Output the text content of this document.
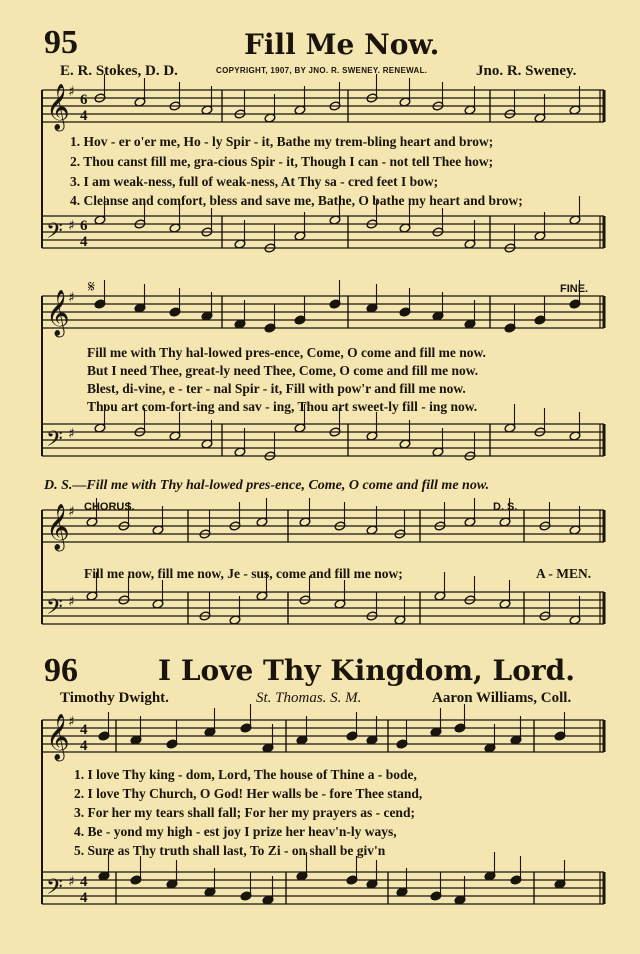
𝄞
♯
𝄢 ♯
𝄞
♯
𝄢 ♯
𝄞
♯
𝄢 ♯
𝄞
♯
𝄢 ♯
6
4
6
4
4
4
4
4
𝄋
95	Fill Me Now.
E. R. Stokes, D. D.	COPYRIGHT, 1907, BY JNO. R. SWENEY. RENEWAL.	Jno. R. Sweney.
1. Hov - er o'er me, Ho - ly Spir - it, Bathe my trem-bling heart and brow;
2. Thou canst fill me, gra-cious Spir - it, Though I can - not tell Thee how;
3. I am weak-ness, full of weak-ness, At Thy sa - cred feet I bow;
4. Cleanse and comfort, bless and save me, Bathe, O bathe my heart and brow;
FINE.
Fill me with Thy hal-lowed pres-ence, Come, O come and fill me now.
But I need Thee, great-ly need Thee, Come, O come and fill me now.
Blest, di-vine, e - ter - nal Spir - it, Fill with pow'r and fill me now.
Thou art com-fort-ing and sav - ing, Thou art sweet-ly fill - ing now.
D. S.—Fill me with Thy hal-lowed pres-ence, Come, O come and fill me now.
CHORUS.	D. S.
Fill me now, fill me now, Je - sus, come and fill me now;	A - MEN.
96	I Love Thy Kingdom, Lord.
Timothy Dwight.	St. Thomas. S. M.	Aaron Williams, Coll.
1. I love Thy king - dom, Lord, The house of Thine a - bode,
2. I love Thy Church, O God! Her walls be - fore Thee stand,
3. For her my tears shall fall; For her my prayers as - cend;
4. Be - yond my high - est joy I prize her heav'n-ly ways,
5. Sure as Thy truth shall last, To Zi - on shall be giv'n
